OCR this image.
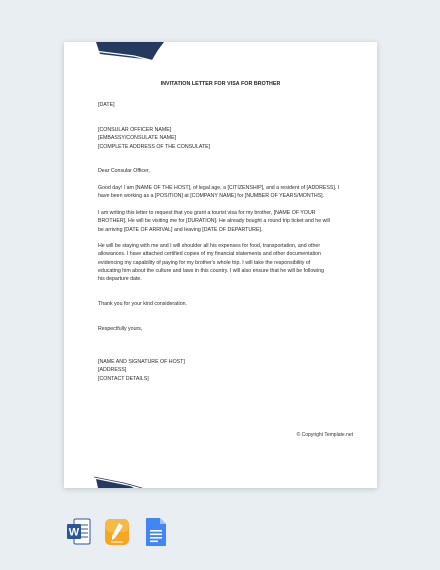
INVITATION LETTER FOR VISA FOR BROTHER
[DATE]
[CONSULAR OFFICER NAME]
[EMBASSY/CONSULATE NAME]
[COMPLETE ADDRESS OF THE CONSULATE]
Dear Consular Officer,
Good day! I am [NAME OF THE HOST], of legal age, a [CITIZENSHIP], and a resident of [ADDRESS]. I
have been working as a [POSITION] at [COMPANY NAME] for [NUMBER OF YEARS/MONTHS].
I am writing this letter to request that you grant a tourist visa for my brother, [NAME OF YOUR
BROTHER]. He will be visiting me for [DURATION]. He already bought a round trip ticket and he will
be arriving [DATE OF ARRIVAL] and leaving [DATE OF DEPARTURE].
He will be staying with me and I will shoulder all his expenses for food, transportation, and other
allowances. I have attached certified copies of my financial statements and other documentation
evidencing my capability of paying for my brother's whole trip. I will take the responsibility of
educating him about the culture and laws in this country. I will also ensure that he will be following
his departure date.
Thank you for your kind consideration.
Respectfully yours,
[NAME AND SIGNATURE OF HOST]
[ADDRESS]
[CONTACT DETAILS]
© Copyright Template.net
W
